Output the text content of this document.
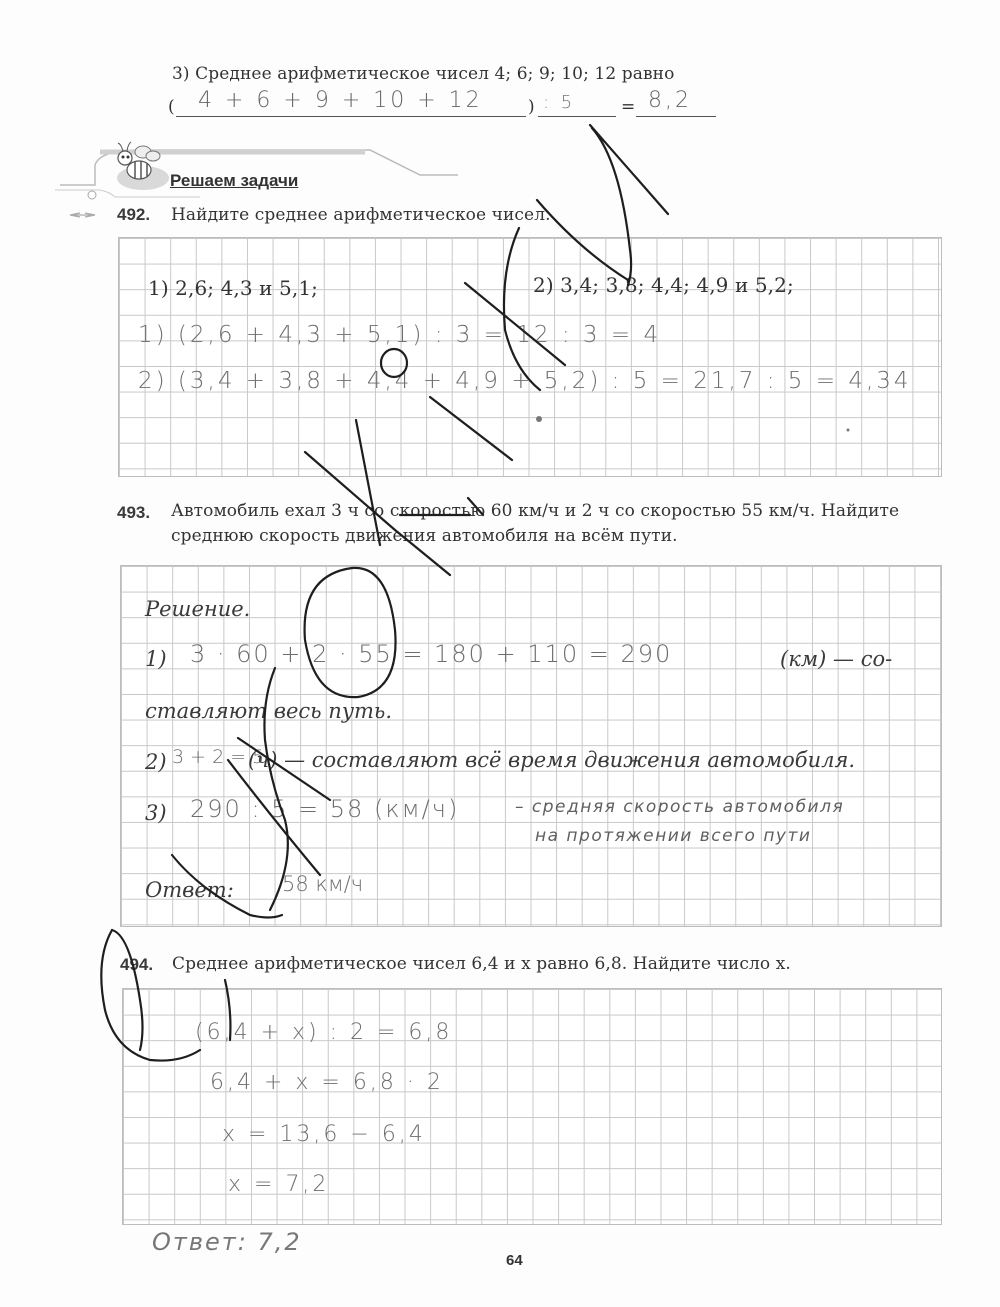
3) Среднее арифметическое чисел 4; 6; 9; 10; 12 равно
( 4 + 6 + 9 + 10 + 12	) : 5	= 8,2
Решаем задачи
492. Найдите среднее арифметическое чисел.
1) 2,6; 4,3 и 5,1;	2) 3,4; 3,8; 4,4; 4,9 и 5,2;
1) (2,6 + 4,3 + 5,1) : 3 = 12 : 3 = 4
2) (3,4 + 3,8 + 4,4 + 4,9 + 5,2) : 5 = 21,7 : 5 = 4,34
493. Автомобиль ехал 3 ч со скоростью 60 км/ч и 2 ч со скоростью 55 км/ч. Найдите
среднюю скорость движения автомобиля на всём пути.
Решение.
1) 3 · 60 + 2 · 55 = 180 + 110 = 290	(км) — со-
ставляют весь путь.
2) 3 + 2 = 5
(ч) — составляют всё время движения автомобиля.
3) 290 : 5 = 58 (км/ч)	– средняя скорость автомобиля
на протяжении всего пути
Ответ: 58 км/ч
494. Среднее арифметическое чисел 6,4 и x равно 6,8. Найдите число x.
(6,4 + x) : 2 = 6,8
6,4 + x = 6,8 · 2
x = 13,6 − 6,4
x = 7,2
Ответ: 7,2
64
